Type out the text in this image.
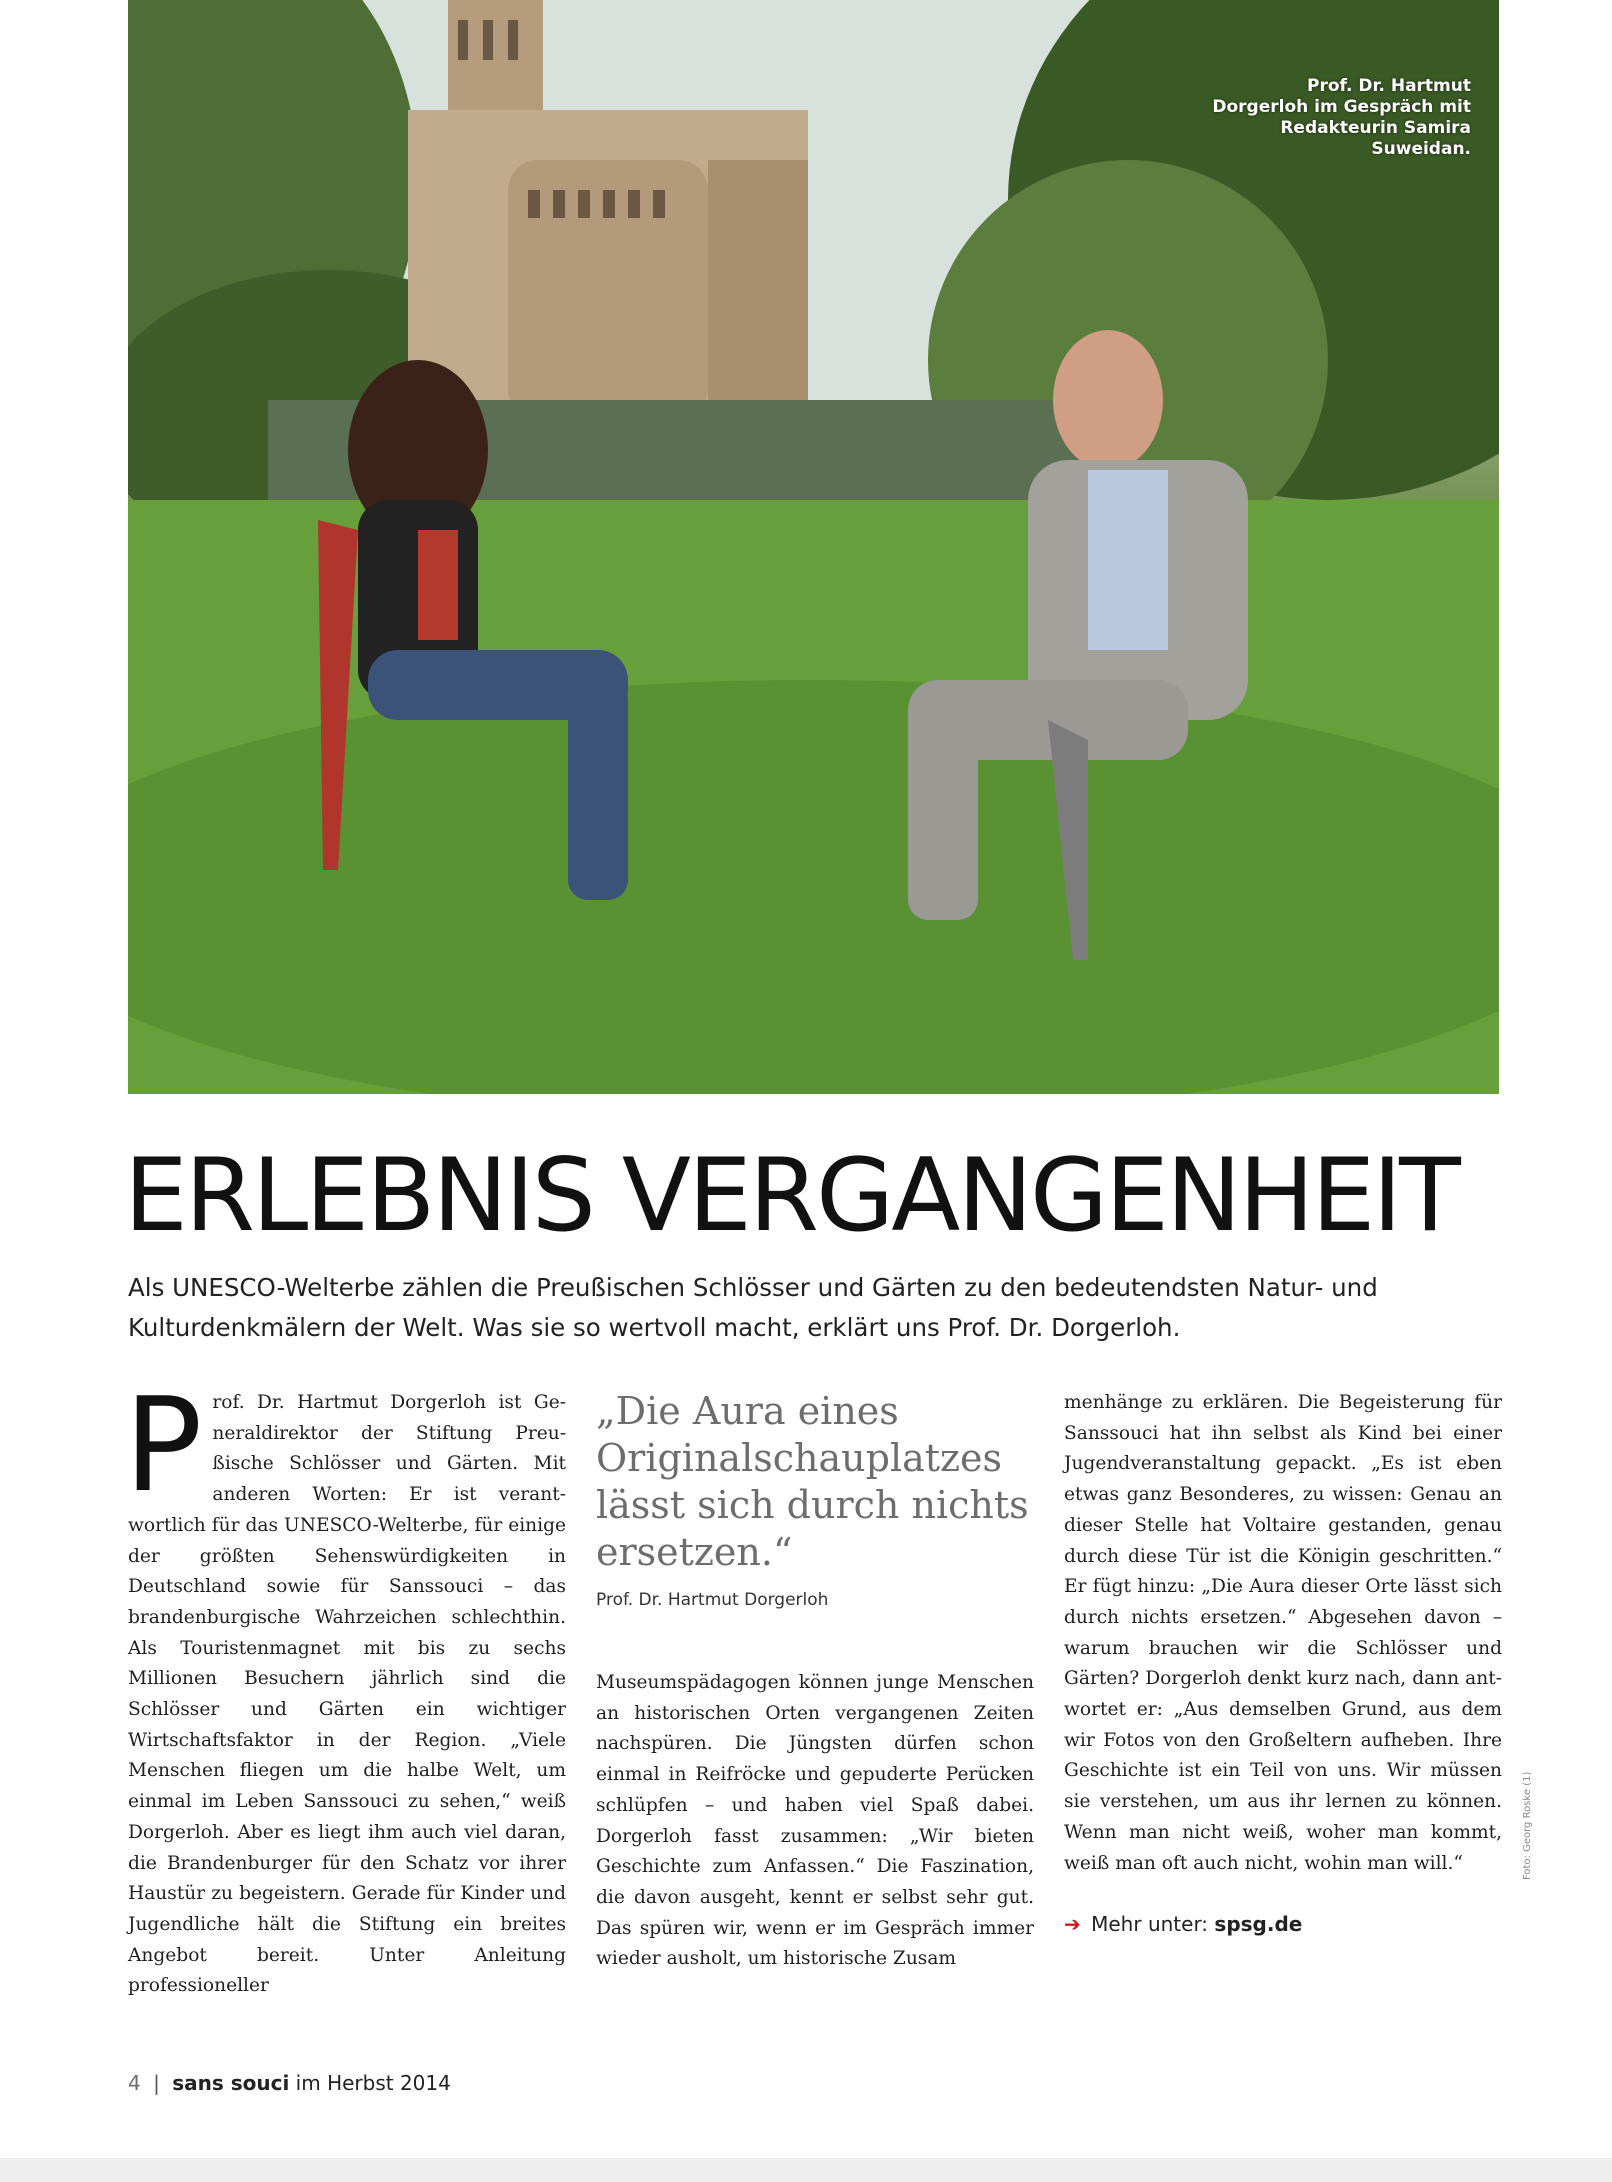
Prof. Dr. Hartmut Dorgerloh im Gespräch mit Redakteurin Samira Suweidan.
ERLEBNIS VERGANGENHEIT

Als UNESCO-Welterbe zählen die Preußischen Schlösser und Gärten zu den bedeutendsten Natur- und Kulturdenkmälern der Welt. Was sie so wertvoll macht, erklärt uns Prof. Dr. Dorgerloh.

P rof. Dr. Hartmut Dorgerloh ist Generaldirektor der Stiftung Preußische Schlösser und Gärten. Mit anderen Worten: Er ist verantwortlich für das UNESCO-Welterbe, für einige der größten Sehenswürdigkeiten in Deutschland sowie für Sanssouci – das brandenburgische Wahrzeichen schlechthin. Als Touristenmagnet mit bis zu sechs Millionen Besuchern jährlich sind die Schlösser und Gärten ein wichtiger Wirtschaftsfaktor in der Region. „Viele Menschen fliegen um die halbe Welt, um einmal im Leben Sanssouci zu sehen,“ weiß Dorgerloh. Aber es liegt ihm auch viel daran, die Brandenburger für den Schatz vor ihrer Haustür zu begeistern. Gerade für Kinder und Jugendliche hält die Stiftung ein breites Angebot bereit. Unter Anleitung professioneller

„Die Aura eines Originalschauplatzes lässt sich durch nichts ersetzen.“

Prof. Dr. Hartmut Dorgerloh

Museumspädagogen können junge Menschen an historischen Orten vergangenen Zeiten nachspüren. Die Jüngsten dürfen schon einmal in Reifröcke und gepuderte Perücken schlüpfen – und haben viel Spaß dabei. Dorgerloh fasst zusammen: „Wir bieten Geschichte zum Anfassen.“ Die Faszination, die davon ausgeht, kennt er selbst sehr gut. Das spüren wir, wenn er im Gespräch immer wieder ausholt, um historische Zusam

menhänge zu erklären. Die Begeisterung für Sanssouci hat ihn selbst als Kind bei einer Jugendveranstaltung gepackt. „Es ist eben etwas ganz Besonderes, zu wissen: Genau an dieser Stelle hat Voltaire gestanden, genau durch diese Tür ist die Königin geschritten.“ Er fügt hinzu: „Die Aura dieser Orte lässt sich durch nichts ersetzen.“ Abgesehen davon – warum brauchen wir die Schlösser und Gärten? Dorgerloh denkt kurz nach, dann antwortet er: „Aus demselben Grund, aus dem wir Fotos von den Großeltern aufheben. Ihre Geschichte ist ein Teil von uns. Wir müssen sie verstehen, um aus ihr lernen zu können. Wenn man nicht weiß, woher man kommt, weiß man oft auch nicht, wohin man will.“

➔ Mehr unter: spsg.de
Foto: Georg Roske (1)
4 | sans souci im Herbst 2014
